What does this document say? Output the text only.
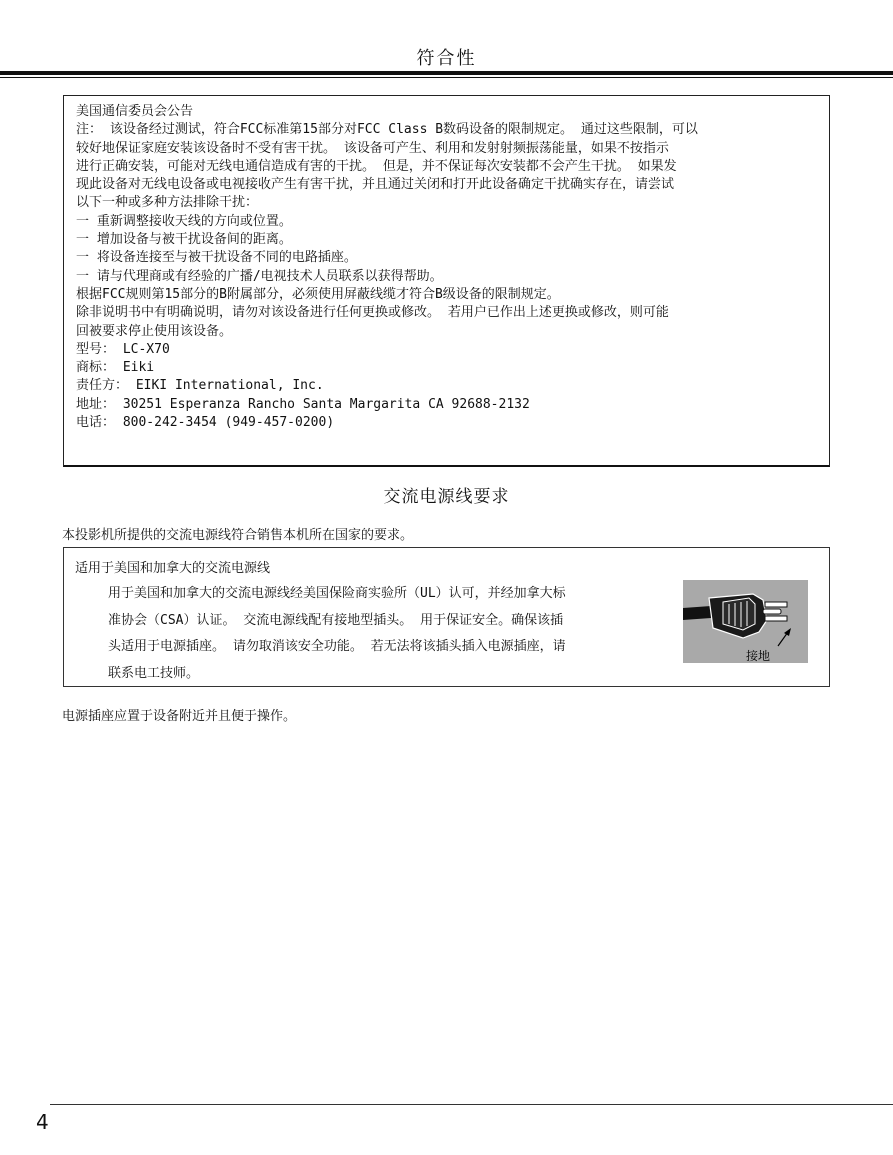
符合性
美国通信委员会公告
注： 该设备经过测试，符合FCC标准第15部分对FCC Class B数码设备的限制规定。 通过这些限制，可以
较好地保证家庭安装该设备时不受有害干扰。 该设备可产生、利用和发射射频振荡能量，如果不按指示
进行正确安装，可能对无线电通信造成有害的干扰。 但是，并不保证每次安装都不会产生干扰。 如果发
现此设备对无线电设备或电视接收产生有害干扰，并且通过关闭和打开此设备确定干扰确实存在，请尝试
以下一种或多种方法排除干扰：
一 重新调整接收天线的方向或位置。
一 增加设备与被干扰设备间的距离。
一 将设备连接至与被干扰设备不同的电路插座。
一 请与代理商或有经验的广播/电视技术人员联系以获得帮助。
根据FCC规则第15部分的B附属部分，必须使用屏蔽线缆才符合B级设备的限制规定。
除非说明书中有明确说明，请勿对该设备进行任何更换或修改。 若用户已作出上述更换或修改，则可能
回被要求停止使用该设备。
型号： LC-X70
商标： Eiki
责任方： EIKI International, Inc.
地址： 30251 Esperanza Rancho Santa Margarita CA 92688-2132
电话： 800-242-3454 (949-457-0200)
交流电源线要求
本投影机所提供的交流电源线符合销售本机所在国家的要求。
适用于美国和加拿大的交流电源线
用于美国和加拿大的交流电源线经美国保险商实验所（UL）认可，并经加拿大标
准协会（CSA）认证。 交流电源线配有接地型插头。 用于保证安全。确保该插
头适用于电源插座。 请勿取消该安全功能。 若无法将该插头插入电源插座，请
联系电工技师。
接地
电源插座应置于设备附近并且便于操作。
4
